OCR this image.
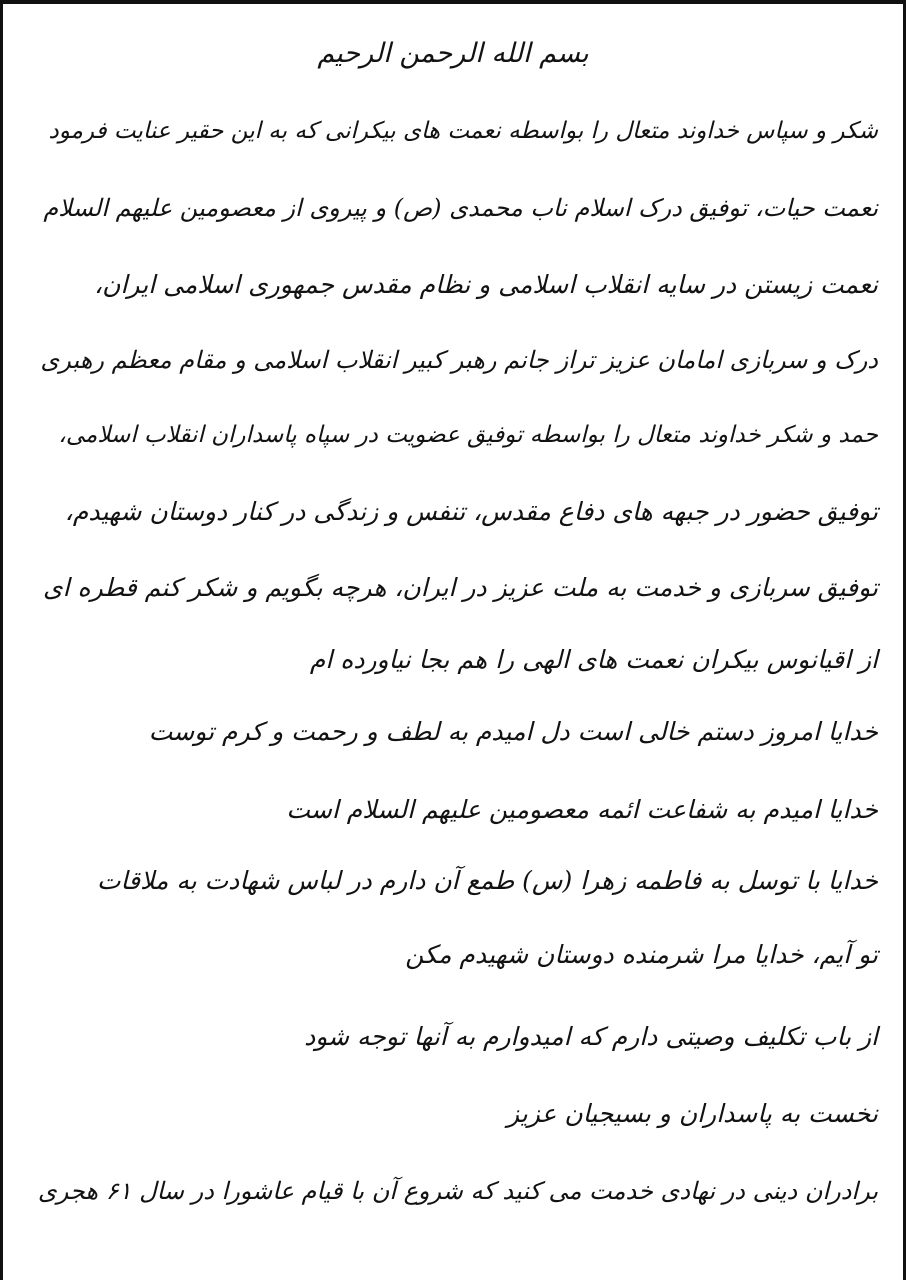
بسم الله الرحمن الرحیم
شکر و سپاس خداوند متعال را بواسطه نعمت های بیکرانی که به این حقیر عنایت فرمود
نعمت حیات، توفیق درک اسلام ناب محمدی (ص) و پیروی از معصومین علیهم السلام
نعمت زیستن در سایه انقلاب اسلامی و نظام مقدس جمهوری اسلامی ایران،
درک و سربازی امامان عزیز تراز جانم رهبر کبیر انقلاب اسلامی و مقام معظم رهبری
حمد و شکر خداوند متعال را بواسطه توفیق عضویت در سپاه پاسداران انقلاب اسلامی،
توفیق حضور در جبهه های دفاع مقدس، تنفس و زندگی در کنار دوستان شهیدم،
توفیق سربازی و خدمت به ملت عزیز در ایران، هرچه بگویم و شکر کنم قطره ای
از اقیانوس بیکران نعمت های الهی را هم بجا نیاورده ام
خدایا امروز دستم خالی است دل امیدم به لطف و رحمت و کرم توست
خدایا امیدم به شفاعت ائمه معصومین علیهم السلام است
خدایا با توسل به فاطمه زهرا (س) طمع آن دارم در لباس شهادت به ملاقات
تو آیم، خدایا مرا شرمنده دوستان شهیدم مکن
از باب تکلیف وصیتی دارم که امیدوارم به آنها توجه شود
نخست به پاسداران و بسیجیان عزیز
برادران دینی در نهادی خدمت می کنید که شروع آن با قیام عاشورا در سال ۶۱ هجری
